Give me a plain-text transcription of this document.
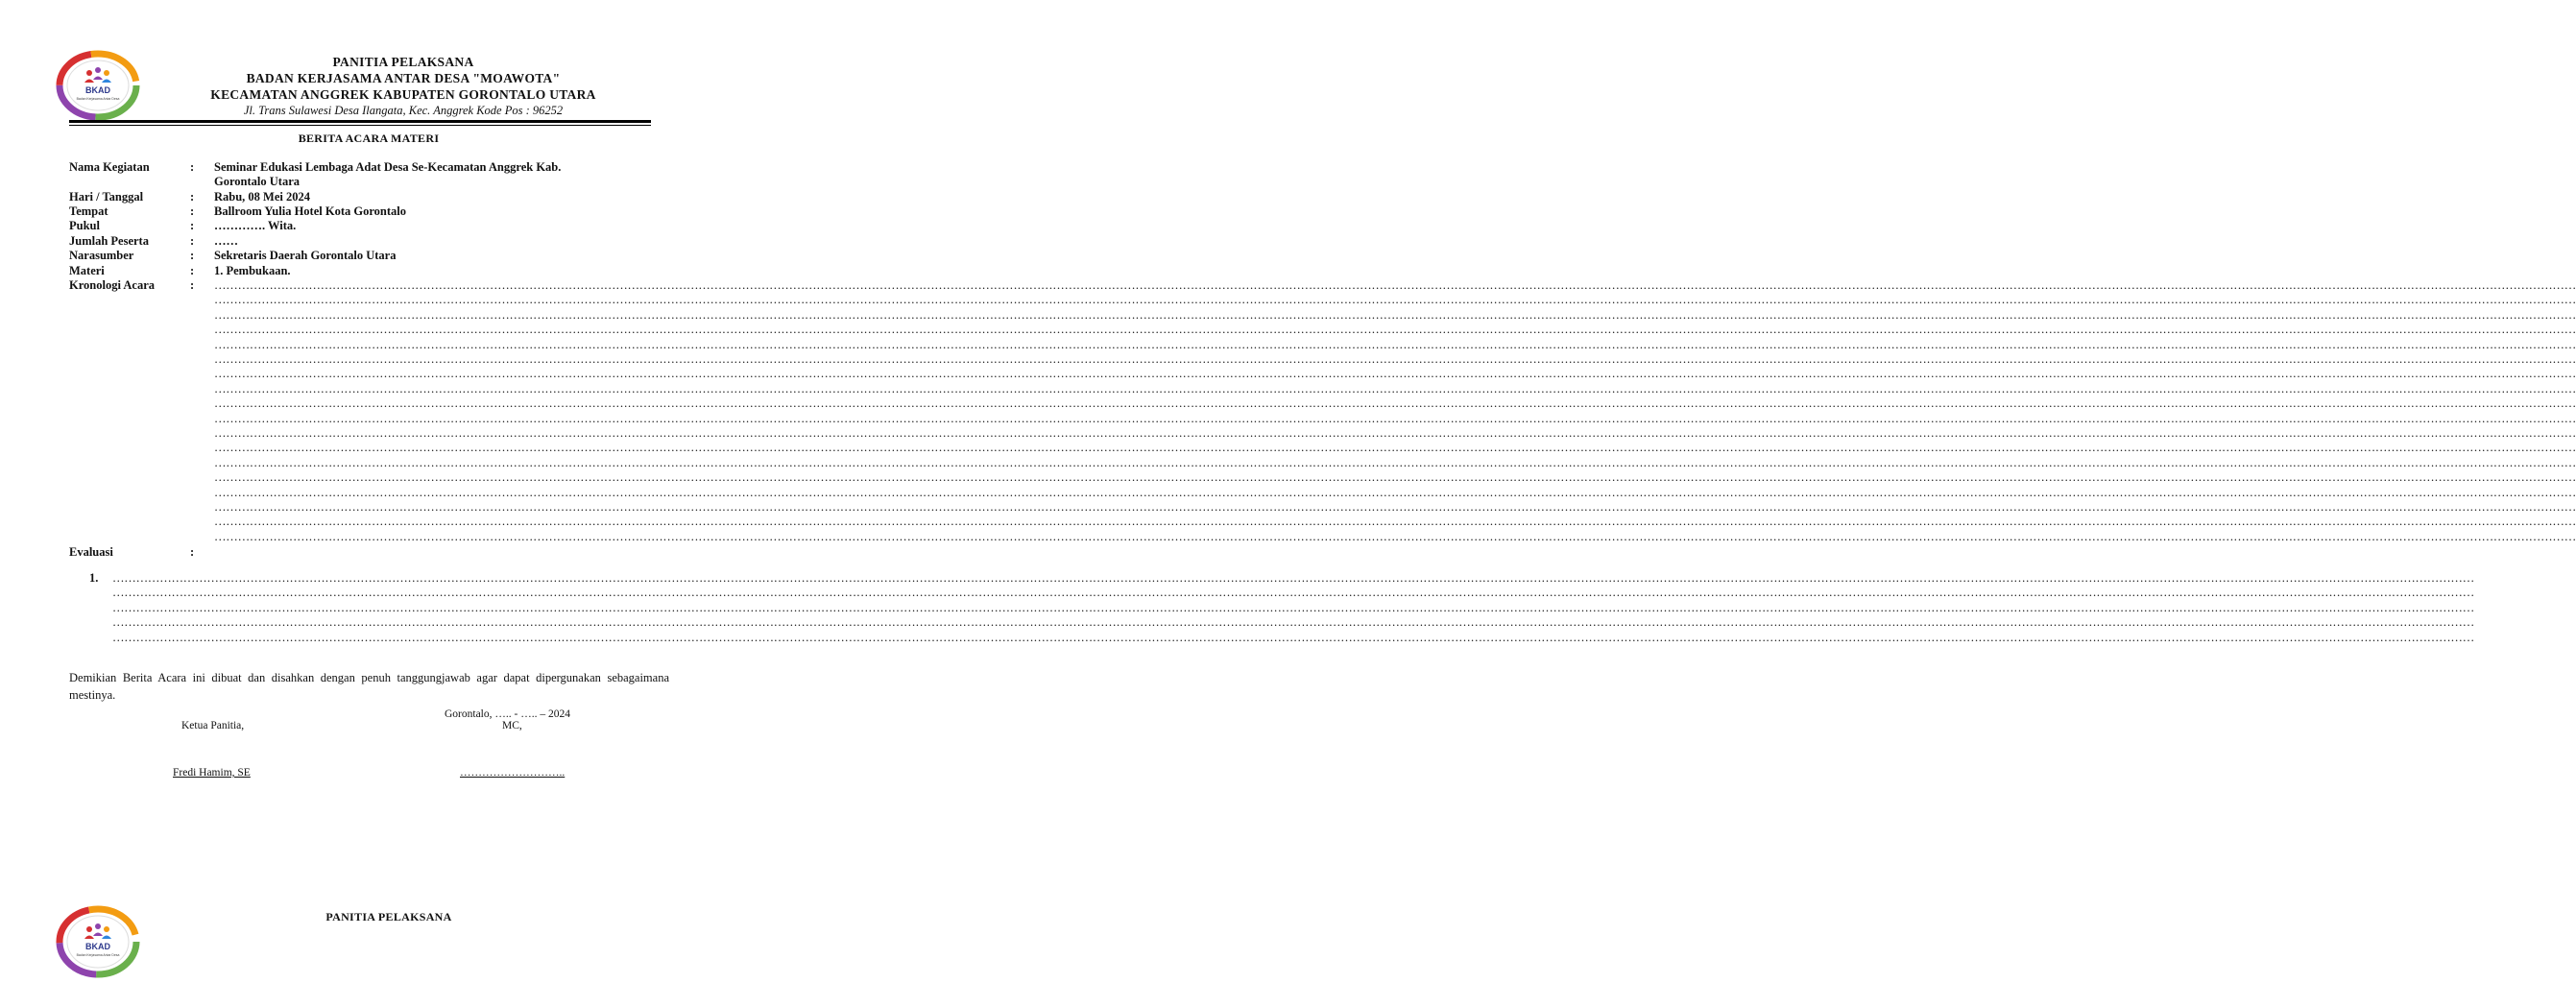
BKAD
Badan Kerjasama Antar Desa
PANITIA PELAKSANA
BADAN KERJASAMA ANTAR DESA "MOAWOTA"
KECAMATAN ANGGREK KABUPATEN GORONTALO UTARA
Jl. Trans Sulawesi Desa Ilangata, Kec. Anggrek Kode Pos : 96252
BERITA ACARA MATERI
Nama Kegiatan	: Seminar Edukasi Lembaga Adat Desa Se-Kecamatan Anggrek Kab.
Gorontalo Utara
Hari / Tanggal	: Rabu, 08 Mei 2024
Tempat	: Ballroom Yulia Hotel Kota Gorontalo
Pukul	: …………. Wita.
Jumlah Peserta	: ……
Narasumber	: Sekretaris Daerah Gorontalo Utara
Materi	: 1. Pembukaan.
Kronologi Acara	: ……………………………………………………………………………………………………………………………………………………………………………………………………………………………………………………………………………………………………………………………………………………………………………………………………………………………………………………………………………………………………………………………………………………
……………………………………………………………………………………………………………………………………………………………………………………………………………………………………………………………………………………………………………………………………………………………………………………………………………………………………………………………………………………………………………………………………………………
……………………………………………………………………………………………………………………………………………………………………………………………………………………………………………………………………………………………………………………………………………………………………………………………………………………………………………………………………………………………………………………………………………………
……………………………………………………………………………………………………………………………………………………………………………………………………………………………………………………………………………………………………………………………………………………………………………………………………………………………………………………………………………………………………………………………………………………
……………………………………………………………………………………………………………………………………………………………………………………………………………………………………………………………………………………………………………………………………………………………………………………………………………………………………………………………………………………………………………………………………………………
……………………………………………………………………………………………………………………………………………………………………………………………………………………………………………………………………………………………………………………………………………………………………………………………………………………………………………………………………………………………………………………………………………………
……………………………………………………………………………………………………………………………………………………………………………………………………………………………………………………………………………………………………………………………………………………………………………………………………………………………………………………………………………………………………………………………………………………
……………………………………………………………………………………………………………………………………………………………………………………………………………………………………………………………………………………………………………………………………………………………………………………………………………………………………………………………………………………………………………………………………………………
……………………………………………………………………………………………………………………………………………………………………………………………………………………………………………………………………………………………………………………………………………………………………………………………………………………………………………………………………………………………………………………………………………………
……………………………………………………………………………………………………………………………………………………………………………………………………………………………………………………………………………………………………………………………………………………………………………………………………………………………………………………………………………………………………………………………………………………
……………………………………………………………………………………………………………………………………………………………………………………………………………………………………………………………………………………………………………………………………………………………………………………………………………………………………………………………………………………………………………………………………………………
……………………………………………………………………………………………………………………………………………………………………………………………………………………………………………………………………………………………………………………………………………………………………………………………………………………………………………………………………………………………………………………………………………………
……………………………………………………………………………………………………………………………………………………………………………………………………………………………………………………………………………………………………………………………………………………………………………………………………………………………………………………………………………………………………………………………………………………
……………………………………………………………………………………………………………………………………………………………………………………………………………………………………………………………………………………………………………………………………………………………………………………………………………………………………………………………………………………………………………………………………………………
……………………………………………………………………………………………………………………………………………………………………………………………………………………………………………………………………………………………………………………………………………………………………………………………………………………………………………………………………………………………………………………………………………………
……………………………………………………………………………………………………………………………………………………………………………………………………………………………………………………………………………………………………………………………………………………………………………………………………………………………………………………………………………………………………………………………………………………
……………………………………………………………………………………………………………………………………………………………………………………………………………………………………………………………………………………………………………………………………………………………………………………………………………………………………………………………………………………………………………………………………………………
……………………………………………………………………………………………………………………………………………………………………………………………………………………………………………………………………………………………………………………………………………………………………………………………………………………………………………………………………………………………………………………………………………………
Evaluasi	:
1. ……………………………………………………………………………………………………………………………………………………………………………………………………………………………………………………………………………………………………………………………………………………………………………………………………………………………………………………………………………………………………………………………………………………
……………………………………………………………………………………………………………………………………………………………………………………………………………………………………………………………………………………………………………………………………………………………………………………………………………………………………………………………………………………………………………………………………………………
……………………………………………………………………………………………………………………………………………………………………………………………………………………………………………………………………………………………………………………………………………………………………………………………………………………………………………………………………………………………………………………………………………………
……………………………………………………………………………………………………………………………………………………………………………………………………………………………………………………………………………………………………………………………………………………………………………………………………………………………………………………………………………………………………………………………………………………
……………………………………………………………………………………………………………………………………………………………………………………………………………………………………………………………………………………………………………………………………………………………………………………………………………………………………………………………………………………………………………………………………………………
Demikian Berita Acara ini dibuat dan disahkan dengan penuh tanggungjawab agar dapat dipergunakan sebagaimana mestinya.
Gorontalo, ….. - ….. – 2024
Ketua Panitia,	MC,
Fredi Hamim, SE	………………………..
BKAD
Badan Kerjasama Antar Desa
PANITIA PELAKSANA
